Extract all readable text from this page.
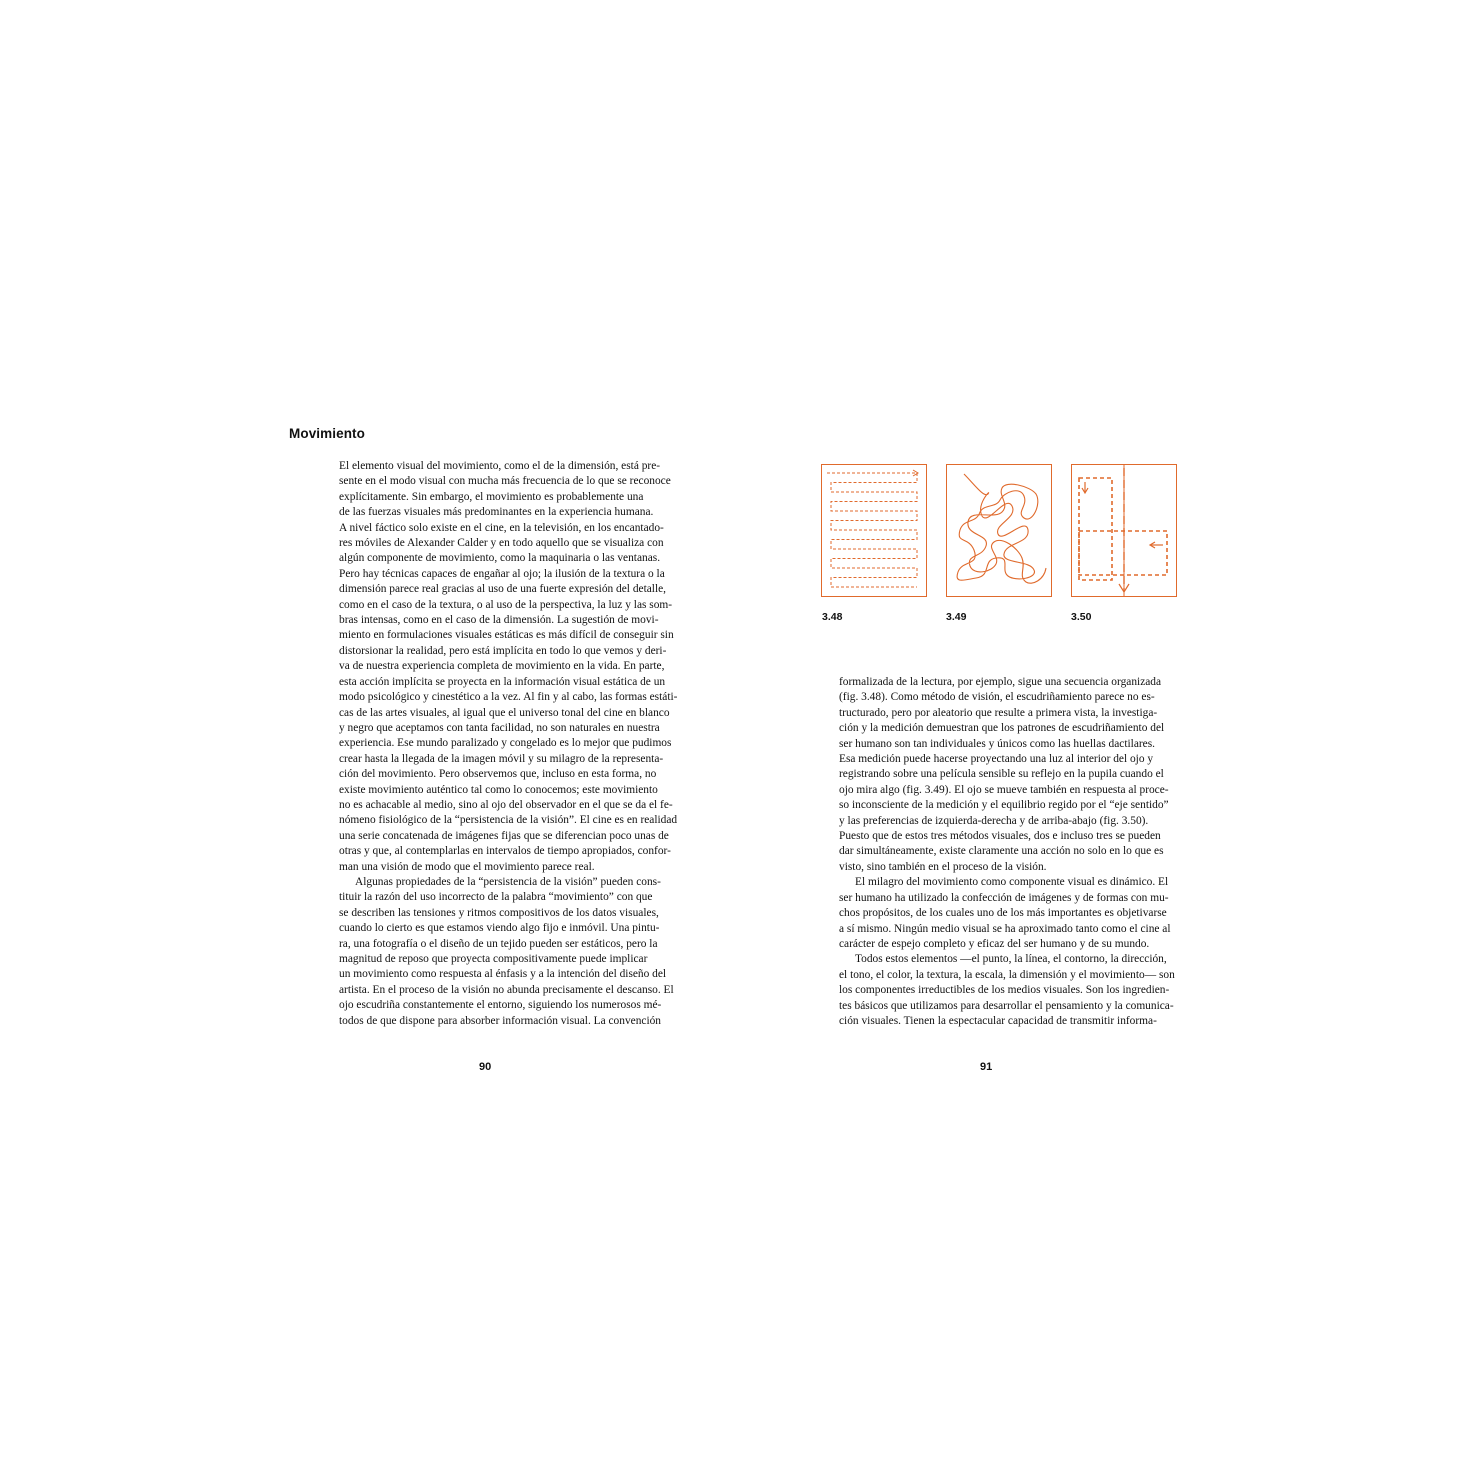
Movimiento
El elemento visual del movimiento, como el de la dimensión, está pre-
sente en el modo visual con mucha más frecuencia de lo que se reconoce
explícitamente. Sin embargo, el movimiento es probablemente una
de las fuerzas visuales más predominantes en la experiencia humana.
A nivel fáctico solo existe en el cine, en la televisión, en los encantado-
res móviles de Alexander Calder y en todo aquello que se visualiza con
algún componente de movimiento, como la maquinaria o las ventanas.
Pero hay técnicas capaces de engañar al ojo; la ilusión de la textura o la
dimensión parece real gracias al uso de una fuerte expresión del detalle,
como en el caso de la textura, o al uso de la perspectiva, la luz y las som-
bras intensas, como en el caso de la dimensión. La sugestión de movi-
miento en formulaciones visuales estáticas es más difícil de conseguir sin
distorsionar la realidad, pero está implícita en todo lo que vemos y deri-
va de nuestra experiencia completa de movimiento en la vida. En parte,
esta acción implícita se proyecta en la información visual estática de un
modo psicológico y cinestético a la vez. Al fin y al cabo, las formas estáti-
cas de las artes visuales, al igual que el universo tonal del cine en blanco
y negro que aceptamos con tanta facilidad, no son naturales en nuestra
experiencia. Ese mundo paralizado y congelado es lo mejor que pudimos
crear hasta la llegada de la imagen móvil y su milagro de la representa-
ción del movimiento. Pero observemos que, incluso en esta forma, no
existe movimiento auténtico tal como lo conocemos; este movimiento
no es achacable al medio, sino al ojo del observador en el que se da el fe-
nómeno fisiológico de la “persistencia de la visión”. El cine es en realidad
una serie concatenada de imágenes fijas que se diferencian poco unas de
otras y que, al contemplarlas en intervalos de tiempo apropiados, confor-
man una visión de modo que el movimiento parece real.
Algunas propiedades de la “persistencia de la visión” pueden cons-
tituir la razón del uso incorrecto de la palabra “movimiento” con que
se describen las tensiones y ritmos compositivos de los datos visuales,
cuando lo cierto es que estamos viendo algo fijo e inmóvil. Una pintu-
ra, una fotografía o el diseño de un tejido pueden ser estáticos, pero la
magnitud de reposo que proyecta compositivamente puede implicar
un movimiento como respuesta al énfasis y a la intención del diseño del
artista. En el proceso de la visión no abunda precisamente el descanso. El
ojo escudriña constantemente el entorno, siguiendo los numerosos mé-
todos de que dispone para absorber información visual. La convención
formalizada de la lectura, por ejemplo, sigue una secuencia organizada
(fig. 3.48). Como método de visión, el escudriñamiento parece no es-
tructurado, pero por aleatorio que resulte a primera vista, la investiga-
ción y la medición demuestran que los patrones de escudriñamiento del
ser humano son tan individuales y únicos como las huellas dactilares.
Esa medición puede hacerse proyectando una luz al interior del ojo y
registrando sobre una película sensible su reflejo en la pupila cuando el
ojo mira algo (fig. 3.49). El ojo se mueve también en respuesta al proce-
so inconsciente de la medición y el equilibrio regido por el “eje sentido”
y las preferencias de izquierda-derecha y de arriba-abajo (fig. 3.50).
Puesto que de estos tres métodos visuales, dos e incluso tres se pueden
dar simultáneamente, existe claramente una acción no solo en lo que es
visto, sino también en el proceso de la visión.
El milagro del movimiento como componente visual es dinámico. El
ser humano ha utilizado la confección de imágenes y de formas con mu-
chos propósitos, de los cuales uno de los más importantes es objetivarse
a sí mismo. Ningún medio visual se ha aproximado tanto como el cine al
carácter de espejo completo y eficaz del ser humano y de su mundo.
Todos estos elementos —el punto, la línea, el contorno, la dirección,
el tono, el color, la textura, la escala, la dimensión y el movimiento— son
los componentes irreductibles de los medios visuales. Son los ingredien-
tes básicos que utilizamos para desarrollar el pensamiento y la comunica-
ción visuales. Tienen la espectacular capacidad de transmitir informa-
3.48	3.49	3.50
90	91
